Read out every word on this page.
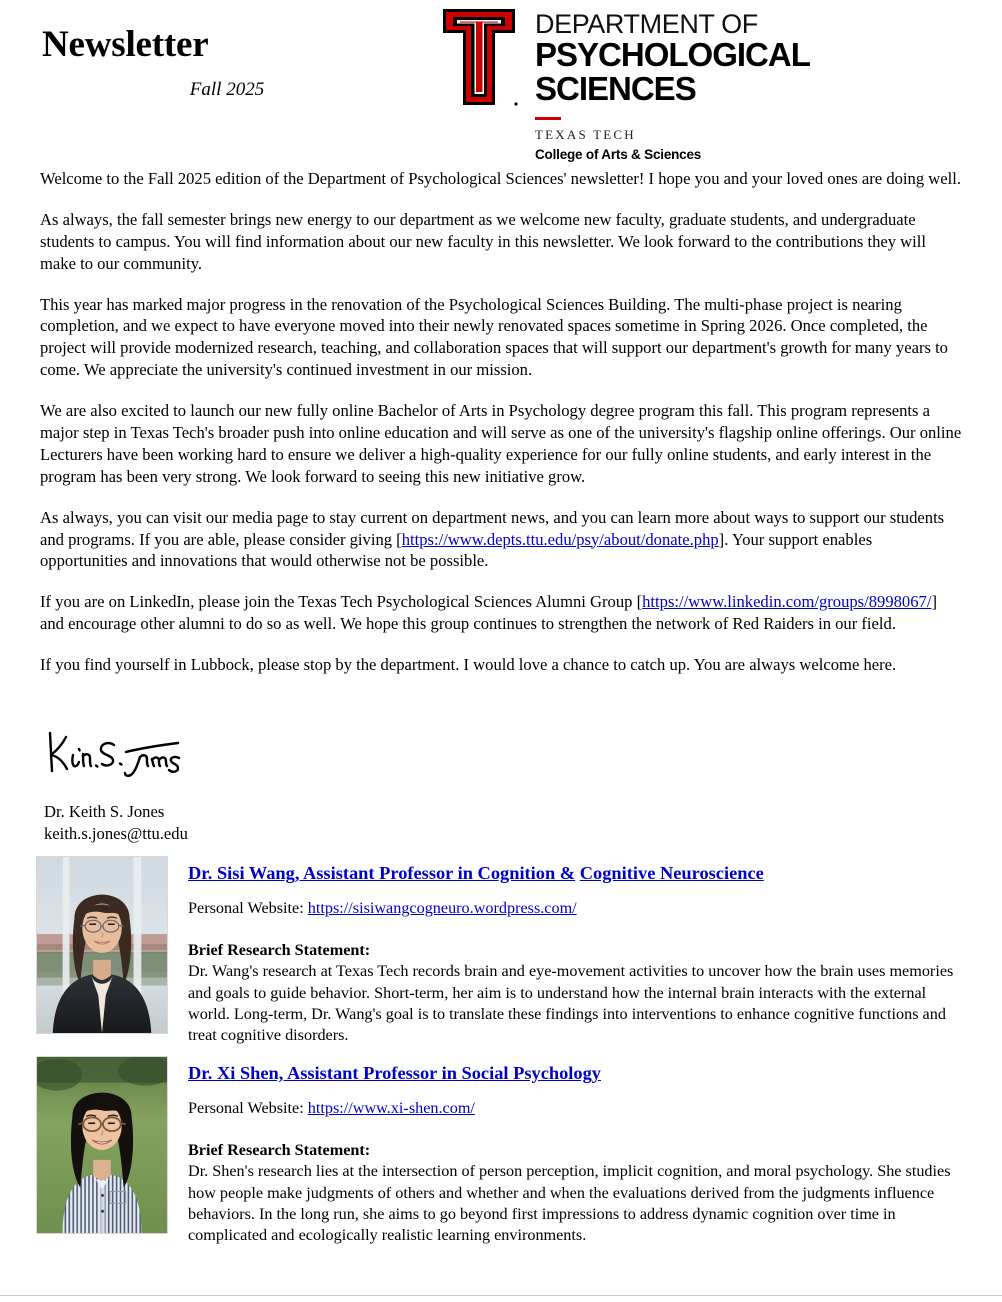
Newsletter
Fall 2025
DEPARTMENT OF
PSYCHOLOGICAL
SCIENCES
TEXAS TECH
College of Arts & Sciences

Welcome to the Fall 2025 edition of the Department of Psychological Sciences' newsletter! I hope you and your loved ones are doing well.

As always, the fall semester brings new energy to our department as we welcome new faculty, graduate students, and undergraduate students to campus. You will find information about our new faculty in this newsletter. We look forward to the contributions they will make to our community.

This year has marked major progress in the renovation of the Psychological Sciences Building. The multi-phase project is nearing completion, and we expect to have everyone moved into their newly renovated spaces sometime in Spring 2026. Once completed, the project will provide modernized research, teaching, and collaboration spaces that will support our department's growth for many years to come. We appreciate the university's continued investment in our mission.

We are also excited to launch our new fully online Bachelor of Arts in Psychology degree program this fall. This program represents a major step in Texas Tech's broader push into online education and will serve as one of the university's flagship online offerings. Our online Lecturers have been working hard to ensure we deliver a high-quality experience for our fully online students, and early interest in the program has been very strong. We look forward to seeing this new initiative grow.

As always, you can visit our media page to stay current on department news, and you can learn more about ways to support our students and programs. If you are able, please consider giving [https://www.depts.ttu.edu/psy/about/donate.php]. Your support enables opportunities and innovations that would otherwise not be possible.

If you are on LinkedIn, please join the Texas Tech Psychological Sciences Alumni Group [https://www.linkedin.com/groups/8998067/] and encourage other alumni to do so as well. We hope this group continues to strengthen the network of Red Raiders in our field.

If you find yourself in Lubbock, please stop by the department. I would love a chance to catch up. You are always welcome here.

Dr. Keith S. Jones
keith.s.jones@ttu.edu
Dr. Sisi Wang, Assistant Professor in Cognition & Cognitive Neuroscience
Personal Website: https://sisiwangcogneuro.wordpress.com/
Brief Research Statement:
Dr. Wang's research at Texas Tech records brain and eye-movement activities to uncover how the brain uses memories and goals to guide behavior. Short-term, her aim is to understand how the internal brain interacts with the external world. Long-term, Dr. Wang's goal is to translate these findings into interventions to enhance cognitive functions and treat cognitive disorders.
Dr. Xi Shen, Assistant Professor in Social Psychology
Personal Website: https://www.xi-shen.com/
Brief Research Statement:
Dr. Shen's research lies at the intersection of person perception, implicit cognition, and moral psychology. She studies how people make judgments of others and whether and when the evaluations derived from the judgments influence behaviors. In the long run, she aims to go beyond first impressions to address dynamic cognition over time in complicated and ecologically realistic learning environments.
